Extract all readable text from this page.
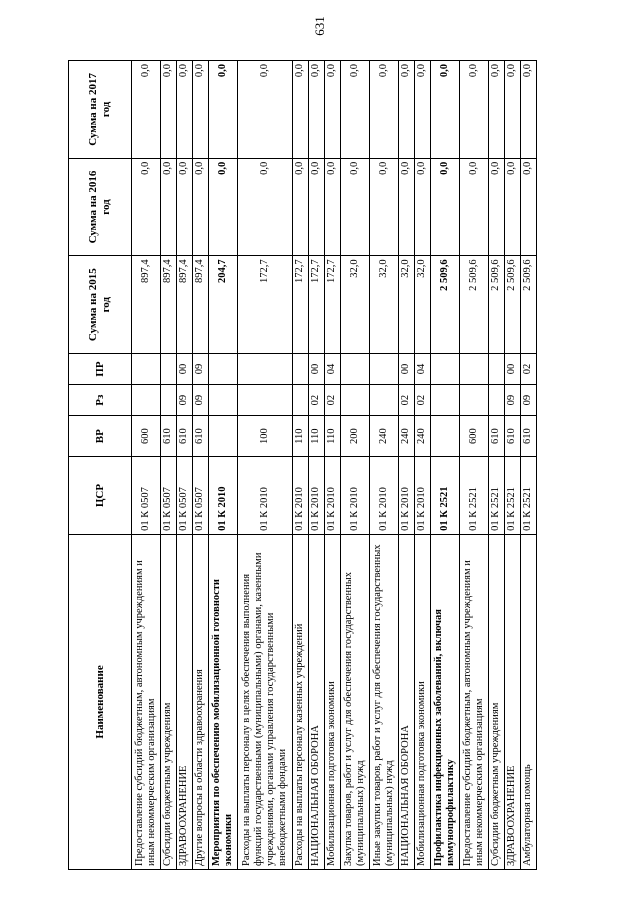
631
Наименование	ЦСР	ВР	Рз	ПР	Сумма на 2015 год	Сумма на 2016 год	Сумма на 2017 год
Предоставление субсидий бюджетным, автономным учреждениям и иным некоммерческим организациям	01 К 0507	600			897,4	0,0	0,0
Субсидии бюджетным учреждениям	01 К 0507	610			897,4	0,0	0,0
ЗДРАВООХРАНЕНИЕ	01 К 0507	610	09	00	897,4	0,0	0,0
Другие вопросы в области здравоохранения	01 К 0507	610	09	09	897,4	0,0	0,0
Мероприятия по обеспечению мобилизационной готовности экономики	01 К 2010				204,7	0,0	0,0
Расходы на выплаты персоналу в целях обеспечения выполнения функций государственными (муниципальными) органами, казенными учреждениями, органами управления государственными внебюджетными фондами	01 К 2010	100			172,7	0,0	0,0
Расходы на выплаты персоналу казенных учреждений	01 К 2010	110			172,7	0,0	0,0
НАЦИОНАЛЬНАЯ ОБОРОНА	01 К 2010	110	02	00	172,7	0,0	0,0
Мобилизационная подготовка экономики	01 К 2010	110	02	04	172,7	0,0	0,0
Закупка товаров, работ и услуг для обеспечения государственных (муниципальных) нужд	01 К 2010	200			32,0	0,0	0,0
Иные закупки товаров, работ и услуг для обеспечения государственных (муниципальных) нужд	01 К 2010	240			32,0	0,0	0,0
НАЦИОНАЛЬНАЯ ОБОРОНА	01 К 2010	240	02	00	32,0	0,0	0,0
Мобилизационная подготовка экономики	01 К 2010	240	02	04	32,0	0,0	0,0
Профилактика инфекционных заболеваний, включая иммунопрофилактику	01 К 2521				2 509,6	0,0	0,0
Предоставление субсидий бюджетным, автономным учреждениям и иным некоммерческим организациям	01 К 2521	600			2 509,6	0,0	0,0
Субсидии бюджетным учреждениям	01 К 2521	610			2 509,6	0,0	0,0
ЗДРАВООХРАНЕНИЕ	01 К 2521	610	09	00	2 509,6	0,0	0,0
Амбулаторная помощь	01 К 2521	610	09	02	2 509,6	0,0	0,0
